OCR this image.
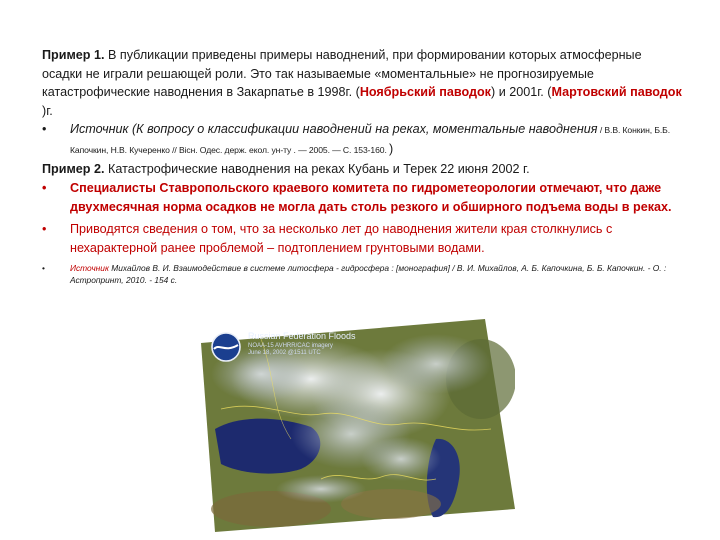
Пример 1. В публикации приведены примеры наводнений, при формировании которых атмосферные осадки не играли решающей роли. Это так называемые «моментальные» не прогнозируемые катастрофические наводнения в Закарпатье в 1998г. (Ноябрьский паводок) и 2001г. (Мартовский паводок )г.

•	Источник (К вопросу о классификации наводнений на реках, моментальные наводнения / В.В. Конкин, Б.Б. Капочкин, Н.В. Кучеренко // Вісн. Одес. держ. екол. ун-ту . — 2005. — С. 153-160. )

Пример 2. Катастрофические наводнения на реках Кубань и Терек 22 июня 2002 г.

•	Специалисты Ставропольского краевого комитета по гидрометеорологии отмечают, что даже двухмесячная норма осадков не могла дать столь резкого и обширного подъема воды в реках.
•	Приводятся сведения о том, что за несколько лет до наводнения жители края столкнулись с нехарактерной ранее проблемой – подтоплением грунтовыми водами.
•	Источник Михайлов В. И. Взаимодействие в системе литосфера - гидросфера : [монография] / В. И. Михайлов, А. Б. Капочкина, Б. Б. Капочкин. - О. : Астропринт, 2010. - 154 с.
Russian Federation Floods
NOAA-15 AVHRR/CAC imagery
June 18, 2002 @1511 UTC
